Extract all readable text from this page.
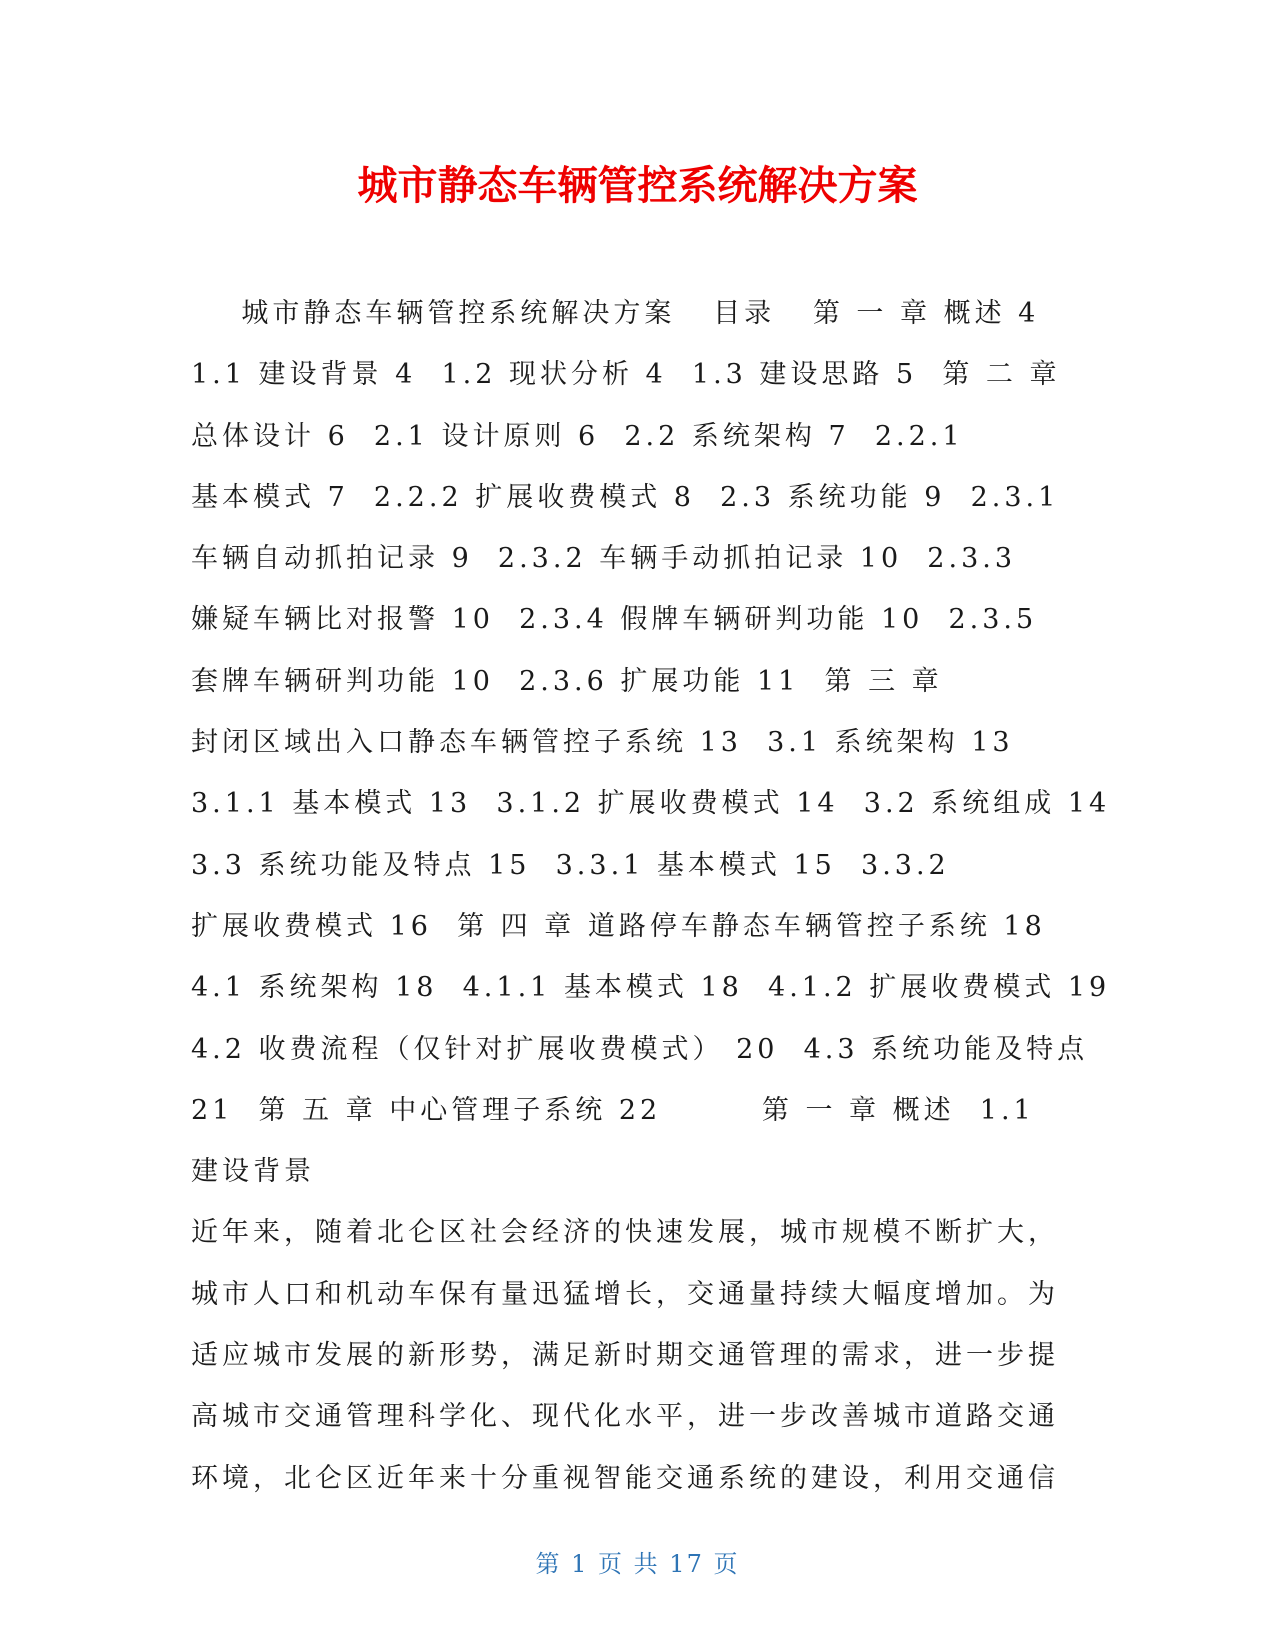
城市静态车辆管控系统解决方案
城市静态车辆管控系统解决方案   目录   第 一 章 概述 4
1.1 建设背景 4  1.2 现状分析 4  1.3 建设思路 5  第 二 章
总体设计 6  2.1 设计原则 6  2.2 系统架构 7  2.2.1
基本模式 7  2.2.2 扩展收费模式 8  2.3 系统功能 9  2.3.1
车辆自动抓拍记录 9  2.3.2 车辆手动抓拍记录 10  2.3.3
嫌疑车辆比对报警 10  2.3.4 假牌车辆研判功能 10  2.3.5
套牌车辆研判功能 10  2.3.6 扩展功能 11  第 三 章
封闭区域出入口静态车辆管控子系统 13  3.1 系统架构 13
3.1.1 基本模式 13  3.1.2 扩展收费模式 14  3.2 系统组成 14
3.3 系统功能及特点 15  3.3.1 基本模式 15  3.3.2
扩展收费模式 16  第 四 章 道路停车静态车辆管控子系统 18
4.1 系统架构 18  4.1.1 基本模式 18  4.1.2 扩展收费模式 19
4.2 收费流程（仅针对扩展收费模式） 20  4.3 系统功能及特点
21  第 五 章 中心管理子系统 22        第 一 章 概述  1.1
建设背景
近年来，随着北仑区社会经济的快速发展，城市规模不断扩大，
城市人口和机动车保有量迅猛增长，交通量持续大幅度增加。为
适应城市发展的新形势，满足新时期交通管理的需求，进一步提
高城市交通管理科学化、现代化水平，进一步改善城市道路交通
环境，北仑区近年来十分重视智能交通系统的建设，利用交通信
第 1 页 共 17 页
